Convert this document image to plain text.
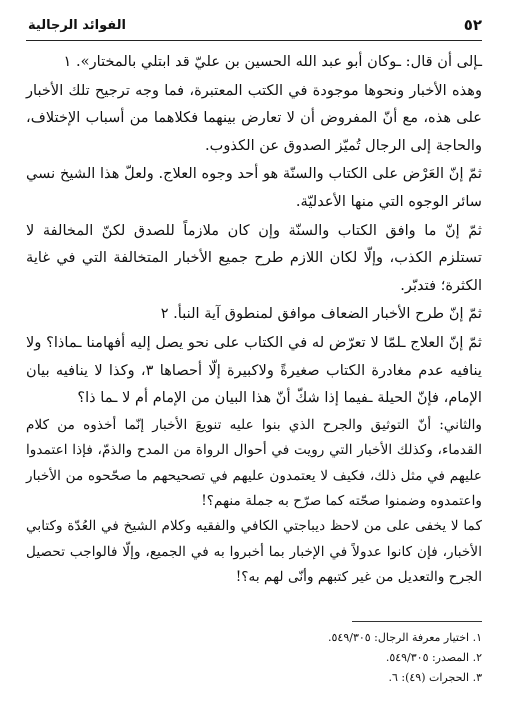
٥٢
الفوائد الرجالية

ـإلى أن قال: ـوكان أبو عبد الله الحسين بن عليّ قد ابتلي بالمختار». ١

وهذه الأخبار ونحوها موجودة في الكتب المعتبرة، فما وجه ترجيح تلك الأخبار على هذه، مع أنّ المفروض أن لا تعارض بينهما فكلاهما من أسباب الإختلاف، والحاجة إلى الرجال تُميّز الصدوق عن الكذوب.

ثمّ إنّ العَرْض على الكتاب والسنّة هو أحد وجوه العلاج. ولعلّ هذا الشيخ نسي سائر الوجوه التي منها الأعدليّة.

ثمّ إنّ ما وافق الكتاب والسنّة وإن كان ملازماً للصدق لكنّ المخالفة لا تستلزم الكذب، وإلّا لكان اللازم طرح جميع الأخبار المتخالفة التي في غاية الكثرة؛ فتدبّر.

ثمّ إنّ طرح الأخبار الضعاف موافق لمنطوق آية النبأ. ٢

ثمّ إنّ العلاج ـلمّا لا تعرّض له في الكتاب على نحو يصل إليه أفهامنا ـماذا؟ ولا ينافيه عدم مغادرة الكتاب صغيرةً ولاكبيرة إلّا أحصاها ٣، وكذا لا ينافيه بيان الإمام، فإنّ الحيلة ـفيما إذا شكّ أنّ هذا البيان من الإمام أم لا ـما ذا؟

والثاني: أنّ التوثيق والجرح الذي بنوا عليه تنويعَ الأخبار إنّما أخذوه من كلام القدماء، وكذلك الأخبار التي رويت في أحوال الرواة من المدح والذمّ، فإذا اعتمدوا عليهم في مثل ذلك، فكيف لا يعتمدون عليهم في تصحيحهم ما صحّحوه من الأخبار واعتمدوه وضمنوا صحّته كما صرّح به جملة منهم؟!

كما لا يخفى على من لاحظ ديباجتي الكافي والفقيه وكلام الشيخ في العُدّة وكتابي الأخبار، فإن كانوا عدولاً في الإخبار بما أخبروا به في الجميع، وإلّا فالواجب تحصيل الجرح والتعديل من غير كتبهم وأنّى لهم به؟!

١. اختيار معرفة الرجال: ٥٤٩/٣٠٥.
٢. المصدر: ٥٤٩/٣٠٥.
٣. الحجرات (٤٩): ٦.
